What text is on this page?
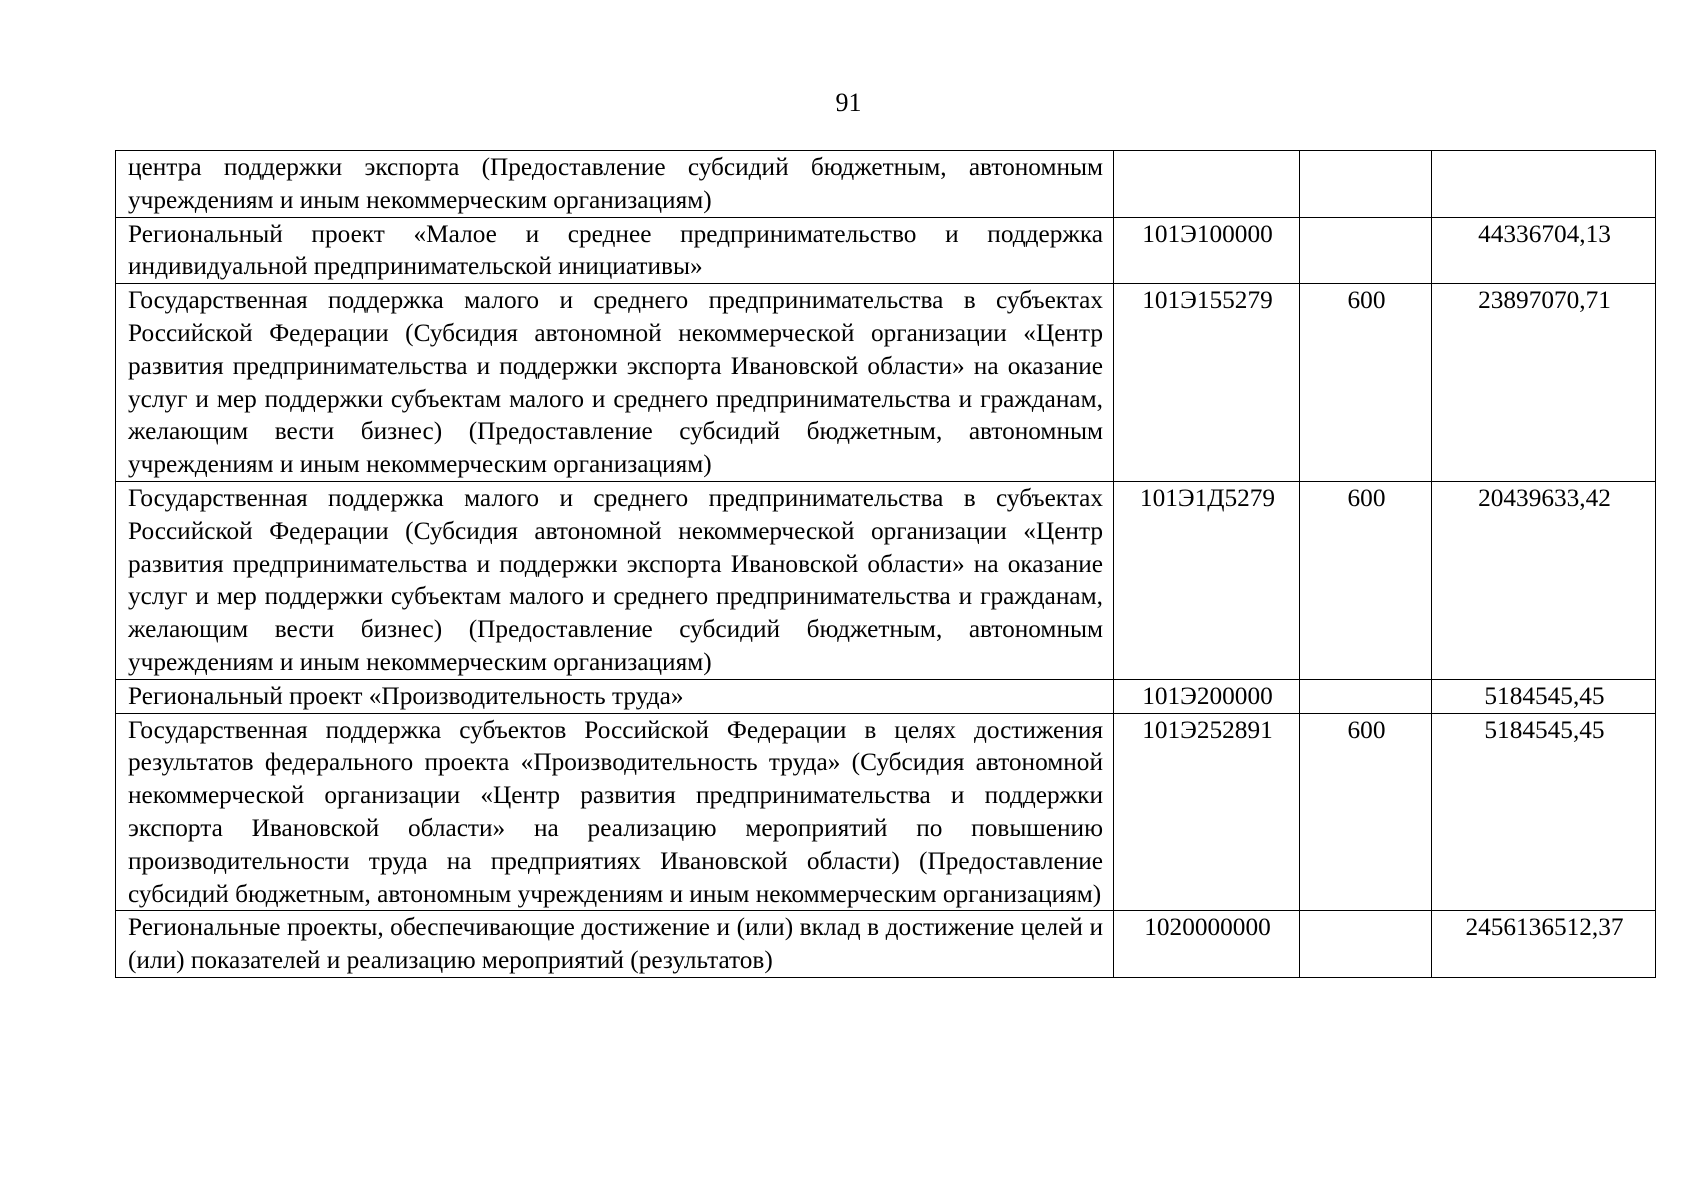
91
центра поддержки экспорта (Предоставление субсидий бюджетным, автономным учреждениям и иным некоммерческим организациям)			
Региональный проект «Малое и среднее предпринимательство и поддержка индивидуальной предпринимательской инициативы»	101Э100000		44336704,13
Государственная поддержка малого и среднего предпринимательства в субъектах Российской Федерации (Субсидия автономной некоммерческой организации «Центр развития предпринимательства и поддержки экспорта Ивановской области» на оказание услуг и мер поддержки субъектам малого и среднего предпринимательства и гражданам, желающим вести бизнес) (Предоставление субсидий бюджетным, автономным учреждениям и иным некоммерческим организациям)	101Э155279	600	23897070,71
Государственная поддержка малого и среднего предпринимательства в субъектах Российской Федерации (Субсидия автономной некоммерческой организации «Центр развития предпринимательства и поддержки экспорта Ивановской области» на оказание услуг и мер поддержки субъектам малого и среднего предпринимательства и гражданам, желающим вести бизнес) (Предоставление субсидий бюджетным, автономным учреждениям и иным некоммерческим организациям)	101Э1Д5279	600	20439633,42
Региональный проект «Производительность труда»	101Э200000		5184545,45
Государственная поддержка субъектов Российской Федерации в целях достижения результатов федерального проекта «Производительность труда» (Субсидия автономной некоммерческой организации «Центр развития предпринимательства и поддержки экспорта Ивановской области» на реализацию мероприятий по повышению производительности труда на предприятиях Ивановской области) (Предоставление субсидий бюджетным, автономным учреждениям и иным некоммерческим организациям)	101Э252891	600	5184545,45
Региональные проекты, обеспечивающие достижение и (или) вклад в достижение целей и (или) показателей и реализацию мероприятий (результатов)	1020000000		2456136512,37
